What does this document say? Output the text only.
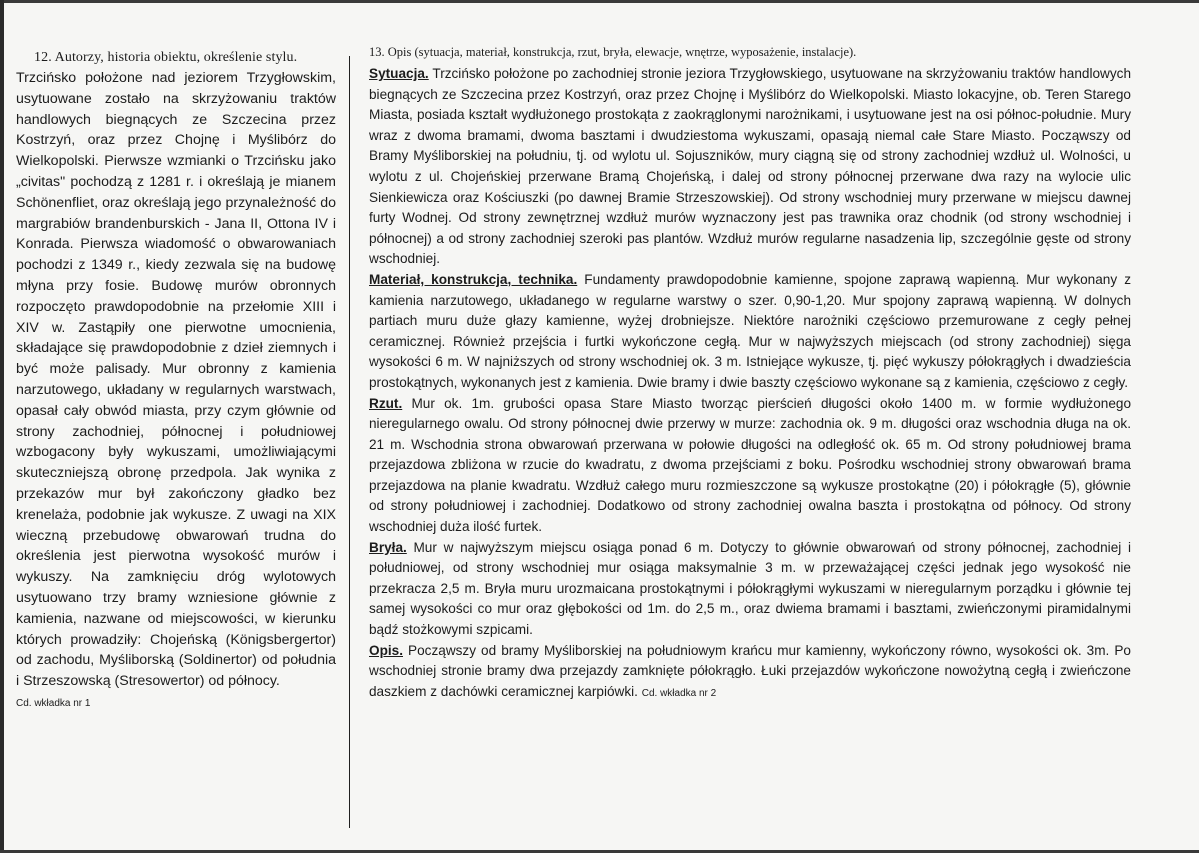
12. Autorzy, historia obiektu, określenie stylu.

Trzcińsko położone nad jeziorem Trzygłowskim, usytuowane zostało na skrzyżowaniu traktów handlowych biegnących ze Szczecina przez Kostrzyń, oraz przez Chojnę i Myślibórz do Wielkopolski. Pierwsze wzmianki o Trzcińsku jako „civitas" pochodzą z 1281 r. i określają je mianem Schönenfliet, oraz określają jego przynależność do margrabiów brandenburskich - Jana II, Ottona IV i Konrada. Pierwsza wiadomość o obwarowaniach pochodzi z 1349 r., kiedy zezwala się na budowę młyna przy fosie. Budowę murów obronnych rozpoczęto prawdopodobnie na przełomie XIII i XIV w. Zastąpiły one pierwotne umocnienia, składające się prawdopodobnie z dzieł ziemnych i być może palisady. Mur obronny z kamienia narzutowego, układany w regularnych warstwach, opasał cały obwód miasta, przy czym głównie od strony zachodniej, północnej i południowej wzbogacony były wykuszami, umożliwiającymi skuteczniejszą obronę przedpola. Jak wynika z przekazów mur był zakończony gładko bez krenelaża, podobnie jak wykusze. Z uwagi na XIX wieczną przebudowę obwarowań trudna do określenia jest pierwotna wysokość murów i wykuszy. Na zamknięciu dróg wylotowych usytuowano trzy bramy wzniesione głównie z kamienia, nazwane od miejscowości, w kierunku których prowadziły: Chojeńską (Königsbergertor) od zachodu, Myśliborską (Soldinertor) od południa i Strzeszowską (Stresowertor) od północy.

Cd. wkładka nr 1
13. Opis (sytuacja, materiał, konstrukcja, rzut, bryła, elewacje, wnętrze, wyposażenie, instalacje).

Sytuacja. Trzcińsko położone po zachodniej stronie jeziora Trzygłowskiego, usytuowane na skrzyżowaniu traktów handlowych biegnących ze Szczecina przez Kostrzyń, oraz przez Chojnę i Myślibórz do Wielkopolski. Miasto lokacyjne, ob. Teren Starego Miasta, posiada kształt wydłużonego prostokąta z zaokrąglonymi narożnikami, i usytuowane jest na osi północ-południe. Mury wraz z dwoma bramami, dwoma basztami i dwudziestoma wykuszami, opasają niemal całe Stare Miasto. Począwszy od Bramy Myśliborskiej na południu, tj. od wylotu ul. Sojuszników, mury ciągną się od strony zachodniej wzdłuż ul. Wolności, u wylotu z ul. Chojeńskiej przerwane Bramą Chojeńską, i dalej od strony północnej przerwane dwa razy na wylocie ulic Sienkiewicza oraz Kościuszki (po dawnej Bramie Strzeszowskiej). Od strony wschodniej mury przerwane w miejscu dawnej furty Wodnej. Od strony zewnętrznej wzdłuż murów wyznaczony jest pas trawnika oraz chodnik (od strony wschodniej i północnej) a od strony zachodniej szeroki pas plantów. Wzdłuż murów regularne nasadzenia lip, szczególnie gęste od strony wschodniej.

Materiał, konstrukcja, technika. Fundamenty prawdopodobnie kamienne, spojone zaprawą wapienną. Mur wykonany z kamienia narzutowego, układanego w regularne warstwy o szer. 0,90-1,20. Mur spojony zaprawą wapienną. W dolnych partiach muru duże głazy kamienne, wyżej drobniejsze. Niektóre narożniki częściowo przemurowane z cegły pełnej ceramicznej. Również przejścia i furtki wykończone cegłą. Mur w najwyższych miejscach (od strony zachodniej) sięga wysokości 6 m. W najniższych od strony wschodniej ok. 3 m. Istniejące wykusze, tj. pięć wykuszy półokrągłych i dwadzieścia prostokątnych, wykonanych jest z kamienia. Dwie bramy i dwie baszty częściowo wykonane są z kamienia, częściowo z cegły.

Rzut. Mur ok. 1m. grubości opasa Stare Miasto tworząc pierścień długości około 1400 m. w formie wydłużonego nieregularnego owalu. Od strony północnej dwie przerwy w murze: zachodnia ok. 9 m. długości oraz wschodnia długa na ok. 21 m. Wschodnia strona obwarowań przerwana w połowie długości na odległość ok. 65 m. Od strony południowej brama przejazdowa zbliżona w rzucie do kwadratu, z dwoma przejściami z boku. Pośrodku wschodniej strony obwarowań brama przejazdowa na planie kwadratu. Wzdłuż całego muru rozmieszczone są wykusze prostokątne (20) i półokrągłe (5), głównie od strony południowej i zachodniej. Dodatkowo od strony zachodniej owalna baszta i prostokątna od północy. Od strony wschodniej duża ilość furtek.

Bryła. Mur w najwyższym miejscu osiąga ponad 6 m. Dotyczy to głównie obwarowań od strony północnej, zachodniej i południowej, od strony wschodniej mur osiąga maksymalnie 3 m. w przeważającej części jednak jego wysokość nie przekracza 2,5 m. Bryła muru urozmaicana prostokątnymi i półokrągłymi wykuszami w nieregularnym porządku i głównie tej samej wysokości co mur oraz głębokości od 1m. do 2,5 m., oraz dwiema bramami i basztami, zwieńczonymi piramidalnymi bądź stożkowymi szpicami.

Opis. Począwszy od bramy Myśliborskiej na południowym krańcu mur kamienny, wykończony równo, wysokości ok. 3m. Po wschodniej stronie bramy dwa przejazdy zamknięte półokrągło. Łuki przejazdów wykończone nowożytną cegłą i zwieńczone daszkiem z dachówki ceramicznej karpiówki. Cd. wkładka nr 2
